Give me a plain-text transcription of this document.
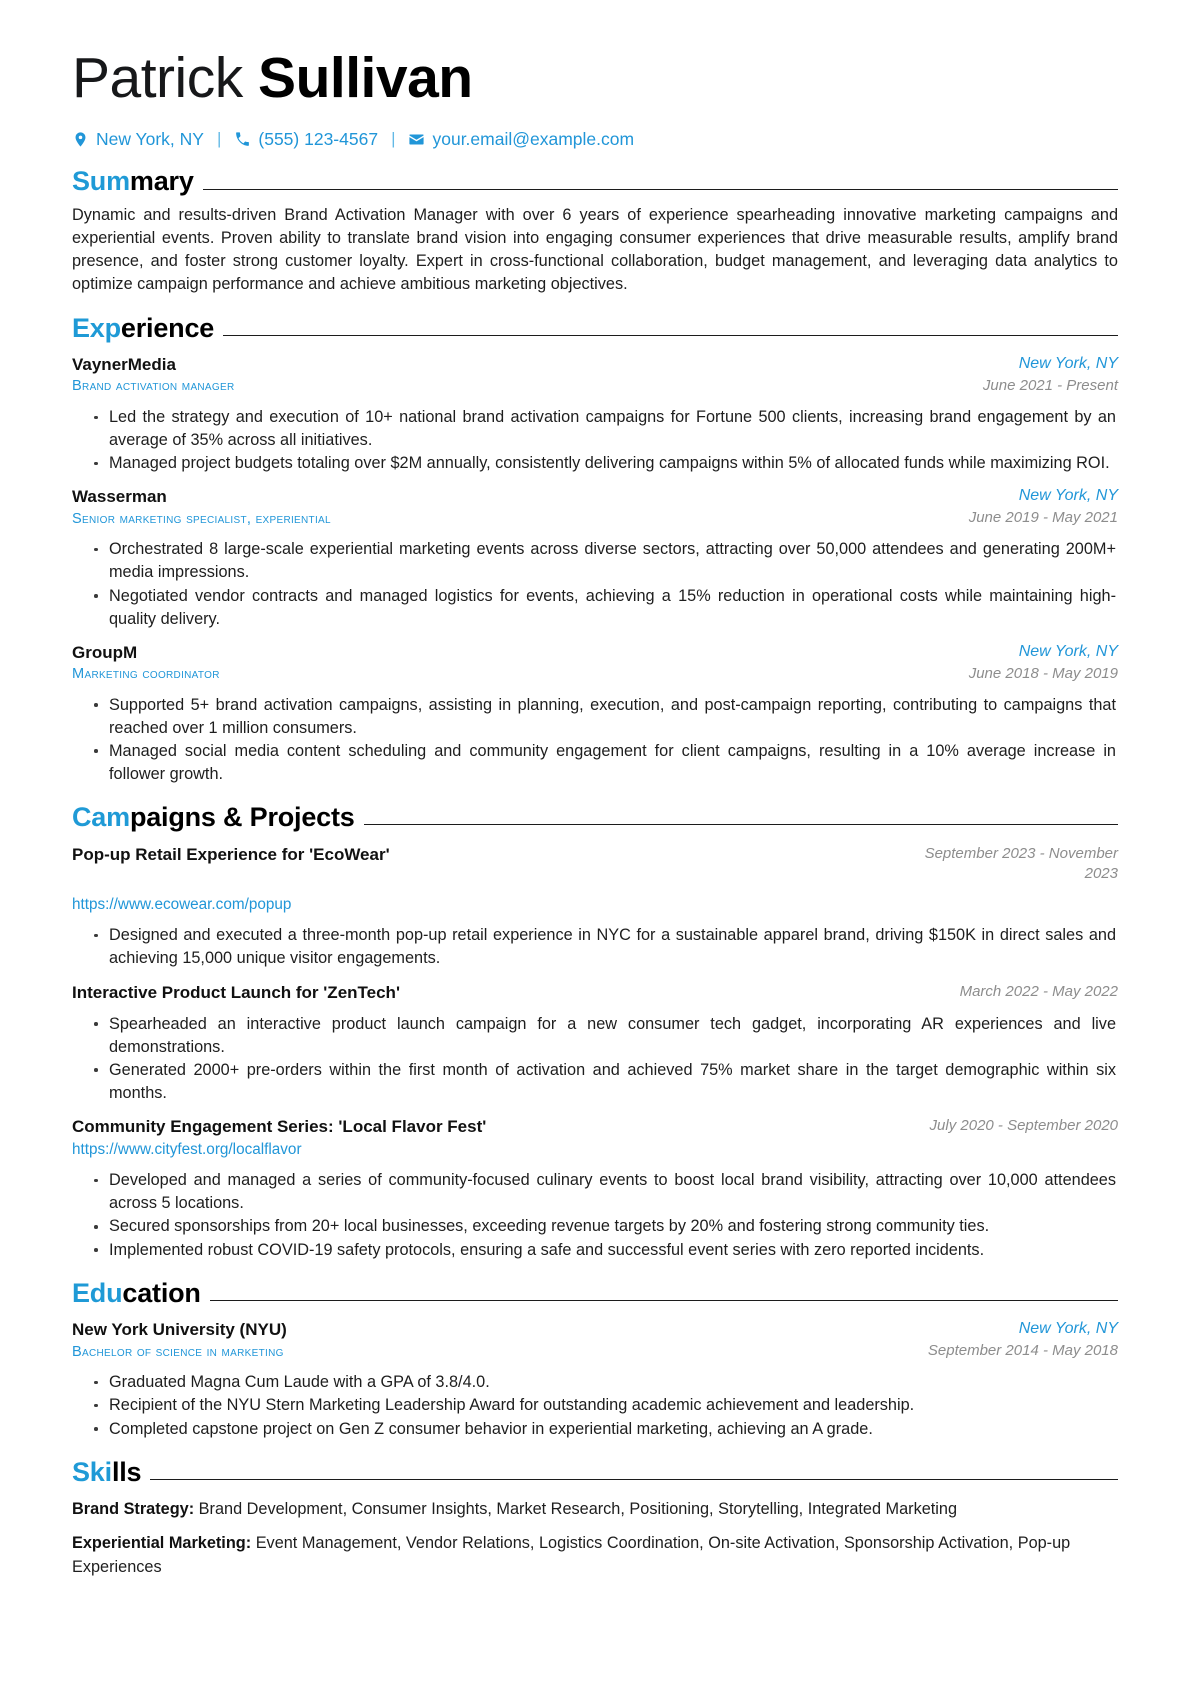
Patrick Sullivan
New York, NY |	(555) 123-4567 |	your.email@example.com
Summary

Dynamic and results-driven Brand Activation Manager with over 6 years of experience spearheading innovative marketing campaigns and experiential events. Proven ability to translate brand vision into engaging consumer experiences that drive measurable results, amplify brand presence, and foster strong customer loyalty. Expert in cross-functional collaboration, budget management, and leveraging data analytics to optimize campaign performance and achieve ambitious marketing objectives.

Experience
VaynerMedia
Brand activation manager
New York, NY
June 2021 - Present
Led the strategy and execution of 10+ national brand activation campaigns for Fortune 500 clients, increasing brand engagement by an average of 35% across all initiatives.
Managed project budgets totaling over $2M annually, consistently delivering campaigns within 5% of allocated funds while maximizing ROI.
Wasserman
Senior marketing specialist, experiential
New York, NY
June 2019 - May 2021
Orchestrated 8 large-scale experiential marketing events across diverse sectors, attracting over 50,000 attendees and generating 200M+ media impressions.
Negotiated vendor contracts and managed logistics for events, achieving a 15% reduction in operational costs while maintaining high-quality delivery.
GroupM
Marketing coordinator
New York, NY
June 2018 - May 2019
Supported 5+ brand activation campaigns, assisting in planning, execution, and post-campaign reporting, contributing to campaigns that reached over 1 million consumers.
Managed social media content scheduling and community engagement for client campaigns, resulting in a 10% average increase in follower growth.
Campaigns & Projects
Pop-up Retail Experience for 'EcoWear'	September 2023 - November 2023
https://www.ecowear.com/popup
Designed and executed a three-month pop-up retail experience in NYC for a sustainable apparel brand, driving $150K in direct sales and achieving 15,000 unique visitor engagements.
Interactive Product Launch for 'ZenTech'	March 2022 - May 2022
Spearheaded an interactive product launch campaign for a new consumer tech gadget, incorporating AR experiences and live demonstrations.
Generated 2000+ pre-orders within the first month of activation and achieved 75% market share in the target demographic within six months.
Community Engagement Series: 'Local Flavor Fest'	July 2020 - September 2020
https://www.cityfest.org/localflavor
Developed and managed a series of community-focused culinary events to boost local brand visibility, attracting over 10,000 attendees across 5 locations.
Secured sponsorships from 20+ local businesses, exceeding revenue targets by 20% and fostering strong community ties.
Implemented robust COVID-19 safety protocols, ensuring a safe and successful event series with zero reported incidents.
Education
New York University (NYU)
Bachelor of science in marketing
New York, NY
September 2014 - May 2018
Graduated Magna Cum Laude with a GPA of 3.8/4.0.
Recipient of the NYU Stern Marketing Leadership Award for outstanding academic achievement and leadership.
Completed capstone project on Gen Z consumer behavior in experiential marketing, achieving an A grade.
Skills
Brand Strategy: Brand Development, Consumer Insights, Market Research, Positioning, Storytelling, Integrated Marketing
Experiential Marketing: Event Management, Vendor Relations, Logistics Coordination, On-site Activation, Sponsorship Activation, Pop-up Experiences
